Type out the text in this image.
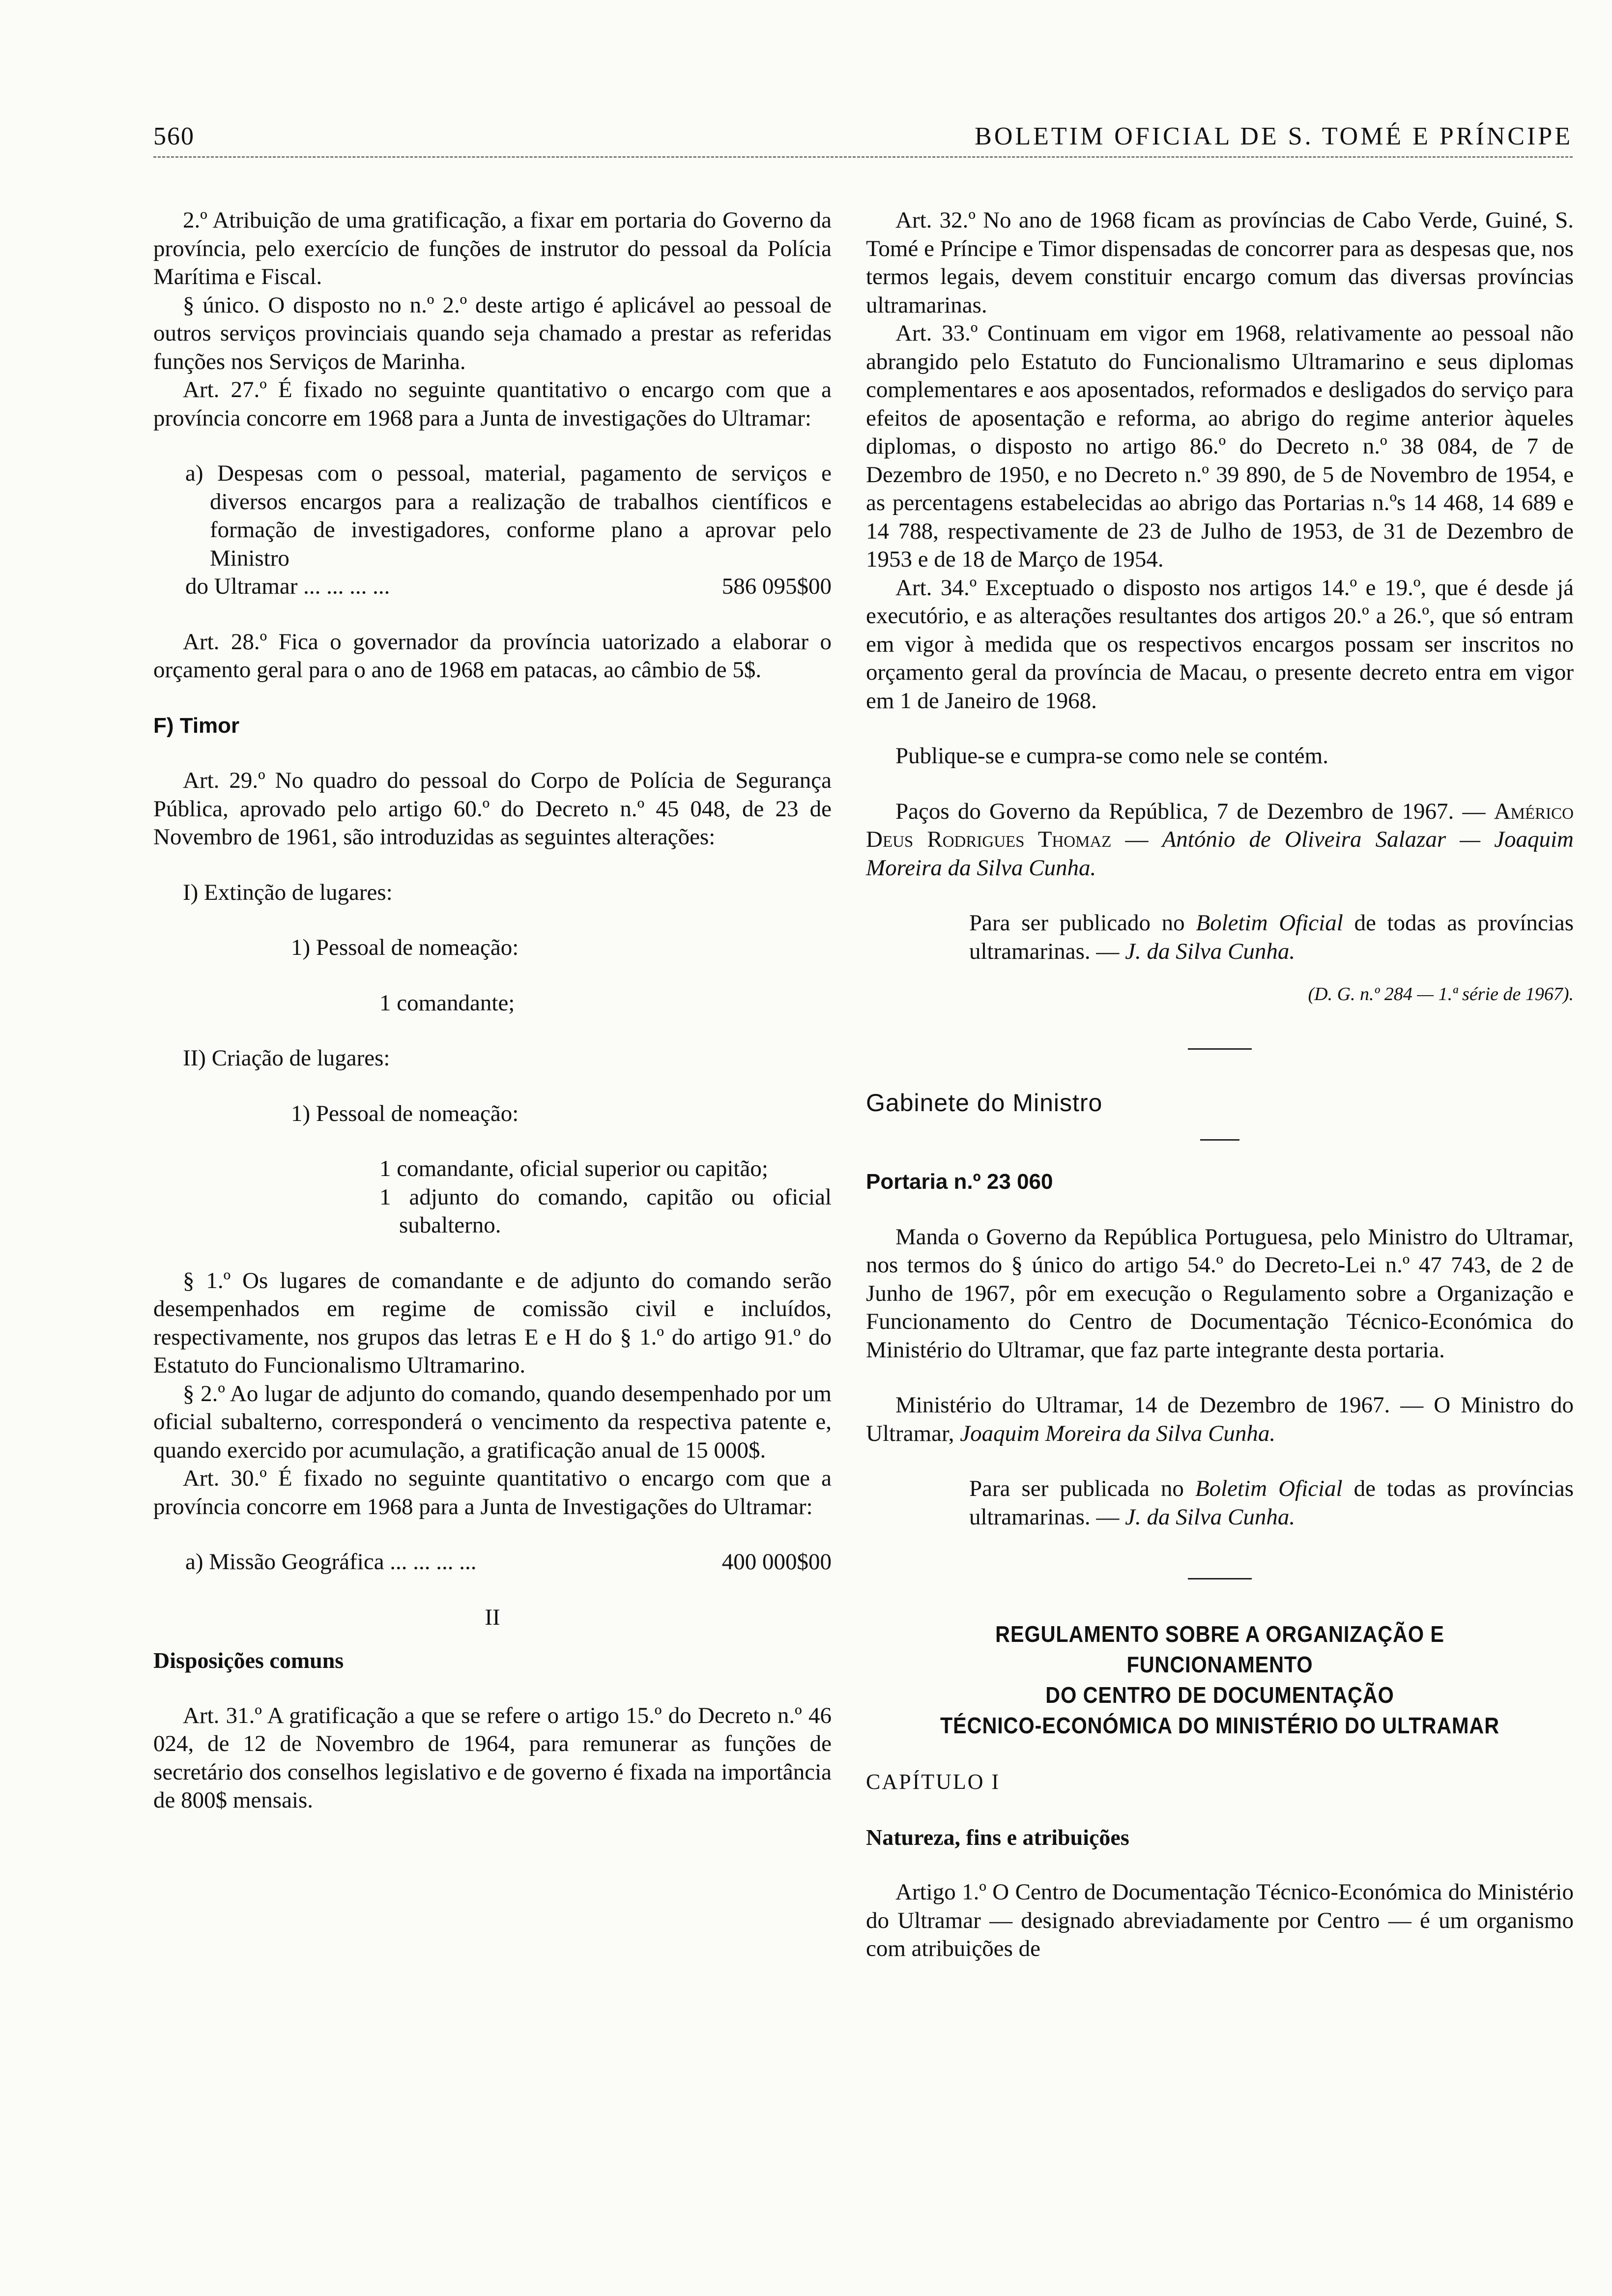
560	BOLETIM OFICIAL DE S. TOMÉ E PRÍNCIPE

2.º Atribuição de uma gratificação, a fixar em portaria do Governo da província, pelo exercício de funções de instrutor do pessoal da Polícia Marítima e Fiscal.

§ único. O disposto no n.º 2.º deste artigo é aplicável ao pessoal de outros serviços provinciais quando seja chamado a prestar as referidas funções nos Serviços de Marinha.

Art. 27.º É fixado no seguinte quantitativo o encargo com que a província concorre em 1968 para a Junta de investigações do Ultramar:

a) Despesas com o pessoal, material, pagamento de serviços e diversos encargos para a realização de trabalhos científicos e formação de investigadores, conforme plano a aprovar pelo Ministro

do Ultramar ... ... ... ...	586 095$00

Art. 28.º Fica o governador da província uatorizado a elaborar o orçamento geral para o ano de 1968 em patacas, ao câmbio de 5$.

F) Timor

Art. 29.º No quadro do pessoal do Corpo de Polícia de Segurança Pública, aprovado pelo artigo 60.º do Decreto n.º 45 048, de 23 de Novembro de 1961, são introduzidas as seguintes alterações:

I) Extinção de lugares:

1) Pessoal de nomeação:

1 comandante;

II) Criação de lugares:

1) Pessoal de nomeação:

1 comandante, oficial superior ou capitão;

1 adjunto do comando, capitão ou oficial subalterno.

§ 1.º Os lugares de comandante e de adjunto do comando serão desempenhados em regime de comissão civil e incluídos, respectivamente, nos grupos das letras E e H do § 1.º do artigo 91.º do Estatuto do Funcionalismo Ultramarino.

§ 2.º Ao lugar de adjunto do comando, quando desempenhado por um oficial subalterno, corresponderá o vencimento da respectiva patente e, quando exercido por acumulação, a gratificação anual de 15 000$.

Art. 30.º É fixado no seguinte quantitativo o encargo com que a província concorre em 1968 para a Junta de Investigações do Ultramar:

a) Missão Geográfica ... ... ... ...	400 000$00

II

Disposições comuns

Art. 31.º A gratificação a que se refere o artigo 15.º do Decreto n.º 46 024, de 12 de Novembro de 1964, para remunerar as funções de secretário dos conselhos legislativo e de governo é fixada na importância de 800$ mensais.

Art. 32.º No ano de 1968 ficam as províncias de Cabo Verde, Guiné, S. Tomé e Príncipe e Timor dispensadas de concorrer para as despesas que, nos termos legais, devem constituir encargo comum das diversas províncias ultramarinas.

Art. 33.º Continuam em vigor em 1968, relativamente ao pessoal não abrangido pelo Estatuto do Funcionalismo Ultramarino e seus diplomas complementares e aos aposentados, reformados e desligados do serviço para efeitos de aposentação e reforma, ao abrigo do regime anterior àqueles diplomas, o disposto no artigo 86.º do Decreto n.º 38 084, de 7 de Dezembro de 1950, e no Decreto n.º 39 890, de 5 de Novembro de 1954, e as percentagens estabelecidas ao abrigo das Portarias n.ºs 14 468, 14 689 e 14 788, respectivamente de 23 de Julho de 1953, de 31 de Dezembro de 1953 e de 18 de Março de 1954.

Art. 34.º Exceptuado o disposto nos artigos 14.º e 19.º, que é desde já executório, e as alterações resultantes dos artigos 20.º a 26.º, que só entram em vigor à medida que os respectivos encargos possam ser inscritos no orçamento geral da província de Macau, o presente decreto entra em vigor em 1 de Janeiro de 1968.

Publique-se e cumpra-se como nele se contém.

Paços do Governo da República, 7 de Dezembro de 1967. — Américo Deus Rodrigues Thomaz — António de Oliveira Salazar — Joaquim Moreira da Silva Cunha.

Para ser publicado no Boletim Oficial de todas as províncias ultramarinas. — J. da Silva Cunha.

(D. G. n.º 284 — 1.ª série de 1967).

Gabinete do Ministro

Portaria n.º 23 060

Manda o Governo da República Portuguesa, pelo Ministro do Ultramar, nos termos do § único do artigo 54.º do Decreto-Lei n.º 47 743, de 2 de Junho de 1967, pôr em execução o Regulamento sobre a Organização e Funcionamento do Centro de Documentação Técnico-Económica do Ministério do Ultramar, que faz parte integrante desta portaria.

Ministério do Ultramar, 14 de Dezembro de 1967. — O Ministro do Ultramar, Joaquim Moreira da Silva Cunha.

Para ser publicada no Boletim Oficial de todas as províncias ultramarinas. — J. da Silva Cunha.

REGULAMENTO SOBRE A ORGANIZAÇÃO E FUNCIONAMENTO
DO CENTRO DE DOCUMENTAÇÃO
TÉCNICO-ECONÓMICA DO MINISTÉRIO DO ULTRAMAR

CAPÍTULO I

Natureza, fins e atribuições

Artigo 1.º O Centro de Documentação Técnico-Económica do Ministério do Ultramar — designado abreviadamente por Centro — é um organismo com atribuições de
